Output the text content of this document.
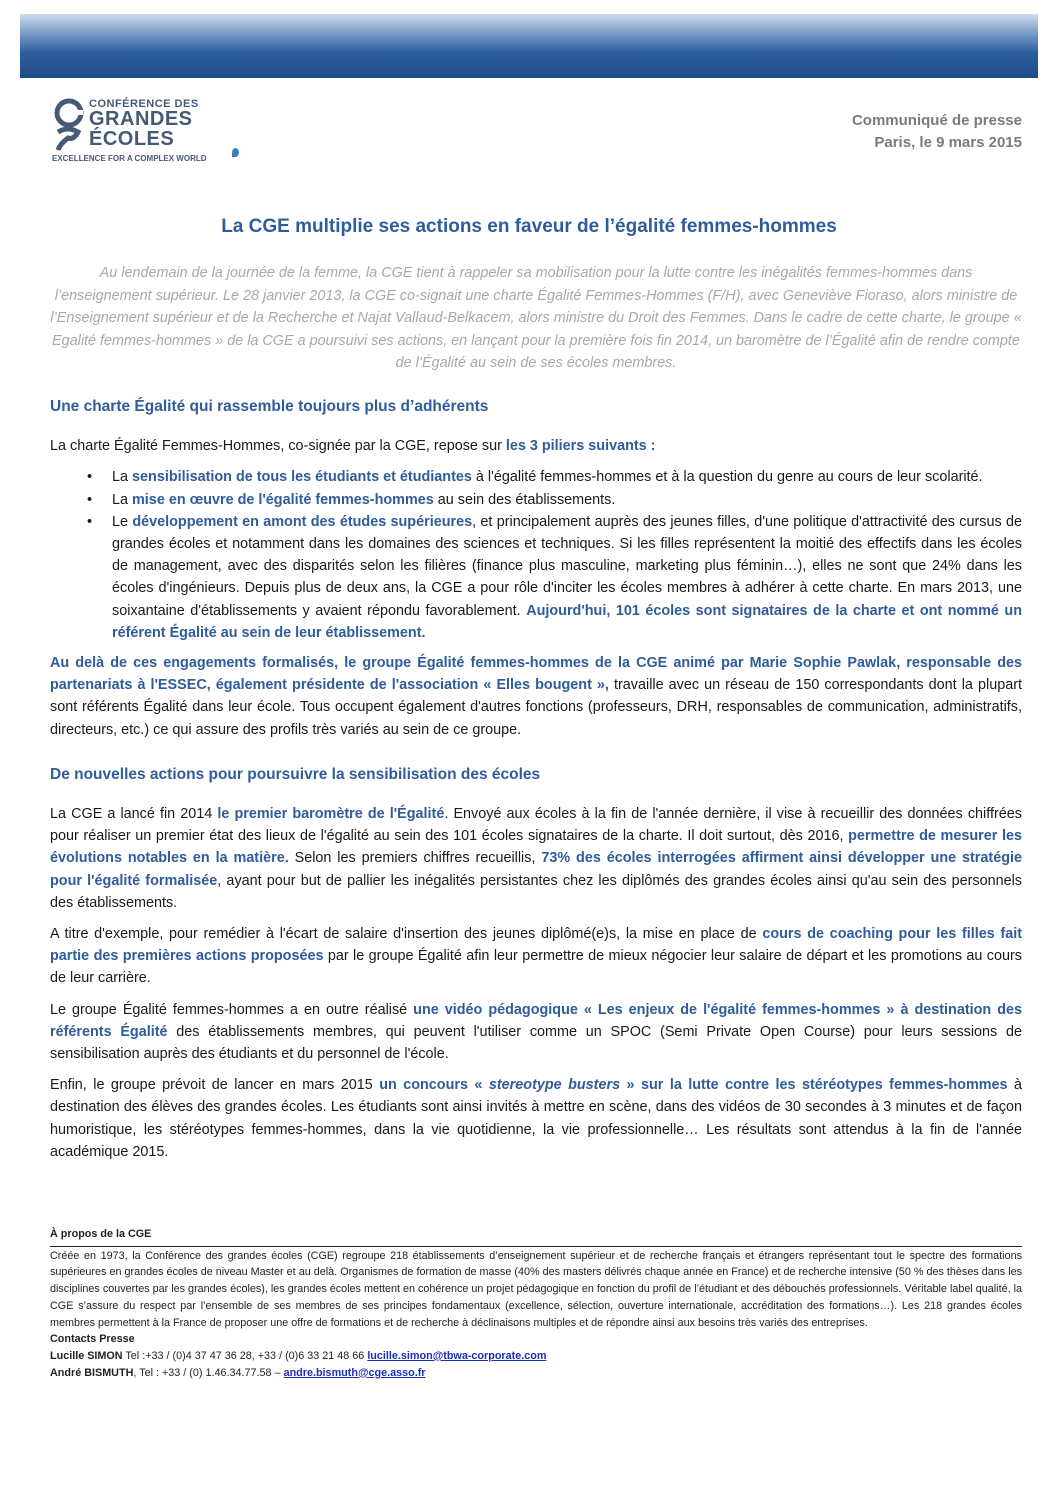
CONFÉRENCE DES
GRANDES
ÉCOLES
EXCELLENCE FOR A COMPLEX WORLD
Communiqué de presse
Paris, le 9 mars 2015
La CGE multiplie ses actions en faveur de l’égalité femmes-hommes
Au lendemain de la journée de la femme, la CGE tient à rappeler sa mobilisation pour la lutte contre les inégalités femmes-hommes dans l’enseignement supérieur. Le 28 janvier 2013, la CGE co-signait une charte Égalité Femmes-Hommes (F/H), avec Geneviève Fioraso, alors ministre de l’Enseignement supérieur et de la Recherche et Najat Vallaud-Belkacem, alors ministre du Droit des Femmes. Dans le cadre de cette charte, le groupe « Egalité femmes-hommes » de la CGE a poursuivi ses actions, en lançant pour la première fois fin 2014, un baromètre de l’Égalité afin de rendre compte de l’Égalité au sein de ses écoles membres.
Une charte Égalité qui rassemble toujours plus d’adhérents

La charte Égalité Femmes-Hommes, co-signée par la CGE, repose sur les 3 piliers suivants :

• La sensibilisation de tous les étudiants et étudiantes à l'égalité femmes-hommes et à la question du genre au cours de leur scolarité.
• La mise en œuvre de l'égalité femmes-hommes au sein des établissements.
• Le développement en amont des études supérieures, et principalement auprès des jeunes filles, d'une politique d'attractivité des cursus de grandes écoles et notamment dans les domaines des sciences et techniques. Si les filles représentent la moitié des effectifs dans les écoles de management, avec des disparités selon les filières (finance plus masculine, marketing plus féminin…), elles ne sont que 24% dans les écoles d'ingénieurs. Depuis plus de deux ans, la CGE a pour rôle d'inciter les écoles membres à adhérer à cette charte. En mars 2013, une soixantaine d'établissements y avaient répondu favorablement. Aujourd'hui, 101 écoles sont signataires de la charte et ont nommé un référent Égalité au sein de leur établissement.

Au delà de ces engagements formalisés, le groupe Égalité femmes-hommes de la CGE animé par Marie Sophie Pawlak, responsable des partenariats à l'ESSEC, également présidente de l'association « Elles bougent », travaille avec un réseau de 150 correspondants dont la plupart sont référents Égalité dans leur école. Tous occupent également d'autres fonctions (professeurs, DRH, responsables de communication, administratifs, directeurs, etc.) ce qui assure des profils très variés au sein de ce groupe.

De nouvelles actions pour poursuivre la sensibilisation des écoles

La CGE a lancé fin 2014 le premier baromètre de l'Égalité. Envoyé aux écoles à la fin de l'année dernière, il vise à recueillir des données chiffrées pour réaliser un premier état des lieux de l'égalité au sein des 101 écoles signataires de la charte. Il doit surtout, dès 2016, permettre de mesurer les évolutions notables en la matière. Selon les premiers chiffres recueillis, 73% des écoles interrogées affirment ainsi développer une stratégie pour l'égalité formalisée, ayant pour but de pallier les inégalités persistantes chez les diplômés des grandes écoles ainsi qu'au sein des personnels des établissements.

A titre d'exemple, pour remédier à l'écart de salaire d'insertion des jeunes diplômé(e)s, la mise en place de cours de coaching pour les filles fait partie des premières actions proposées par le groupe Égalité afin leur permettre de mieux négocier leur salaire de départ et les promotions au cours de leur carrière.

Le groupe Égalité femmes-hommes a en outre réalisé une vidéo pédagogique « Les enjeux de l'égalité femmes-hommes » à destination des référents Égalité des établissements membres, qui peuvent l'utiliser comme un SPOC (Semi Private Open Course) pour leurs sessions de sensibilisation auprès des étudiants et du personnel de l'école.

Enfin, le groupe prévoit de lancer en mars 2015 un concours « stereotype busters » sur la lutte contre les stéréotypes femmes-hommes à destination des élèves des grandes écoles. Les étudiants sont ainsi invités à mettre en scène, dans des vidéos de 30 secondes à 3 minutes et de façon humoristique, les stéréotypes femmes-hommes, dans la vie quotidienne, la vie professionnelle… Les résultats sont attendus à la fin de l'année académique 2015.

À propos de la CGE

Créée en 1973, la Conférence des grandes écoles (CGE) regroupe 218 établissements d’enseignement supérieur et de recherche français et étrangers représentant tout le spectre des formations supérieures en grandes écoles de niveau Master et au delà. Organismes de formation de masse (40% des masters délivrés chaque année en France) et de recherche intensive (50 % des thèses dans les disciplines couvertes par les grandes écoles), les grandes écoles mettent en cohérence un projet pédagogique en fonction du profil de l’étudiant et des débouchés professionnels. Véritable label qualité, la CGE s’assure du respect par l’ensemble de ses membres de ses principes fondamentaux (excellence, sélection, ouverture internationale, accréditation des formations…). Les 218 grandes écoles membres permettent à la France de proposer une offre de formations et de recherche à déclinaisons multiples et de répondre ainsi aux besoins très variés des entreprises.

Contacts Presse

Lucille SIMON Tel :+33 / (0)4 37 47 36 28, +33 / (0)6 33 21 48 66 lucille.simon@tbwa-corporate.com

André BISMUTH, Tel : +33 / (0) 1.46.34.77.58 – andre.bismuth@cge.asso.fr
